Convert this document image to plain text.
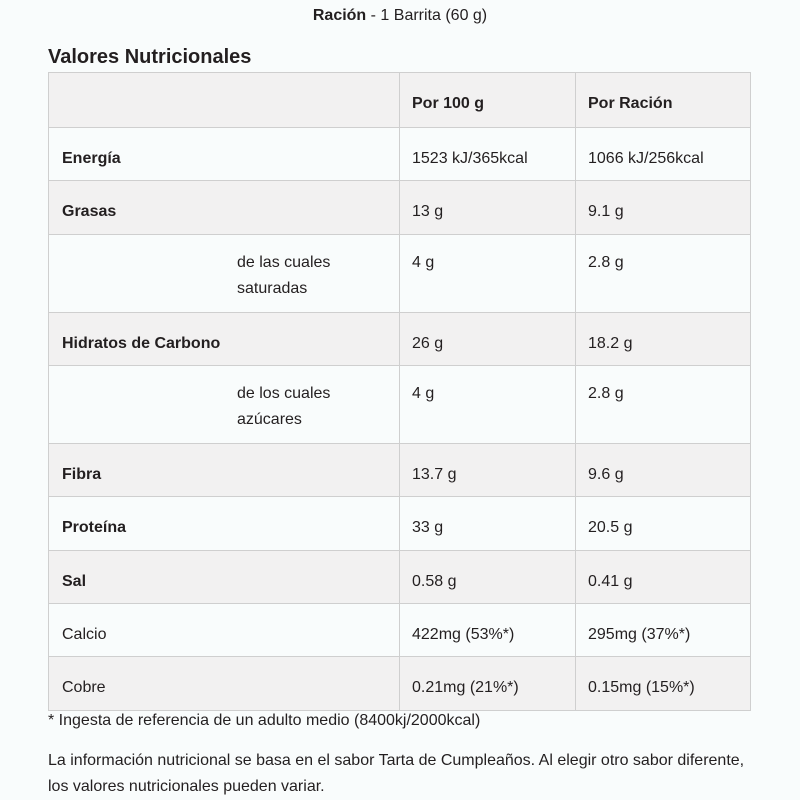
Ración - 1 Barrita (60 g)
Valores Nutricionales

	Por 100 g	Por Ración

Energía	1523 kJ/365kcal	1066 kJ/256kcal

Grasas	13 g	9.1 g

de las cuales saturadas	4 g	2.8 g

Hidratos de Carbono	26 g	18.2 g

de los cuales azúcares	4 g	2.8 g

Fibra	13.7 g	9.6 g

Proteína	33 g	20.5 g

Sal	0.58 g	0.41 g

Calcio	422mg (53%*)	295mg (37%*)

Cobre	0.21mg (21%*)	0.15mg (15%*)
* Ingesta de referencia de un adulto medio (8400kj/2000kcal)
La información nutricional se basa en el sabor Tarta de Cumpleaños. Al elegir otro sabor diferente, los valores nutricionales pueden variar.
